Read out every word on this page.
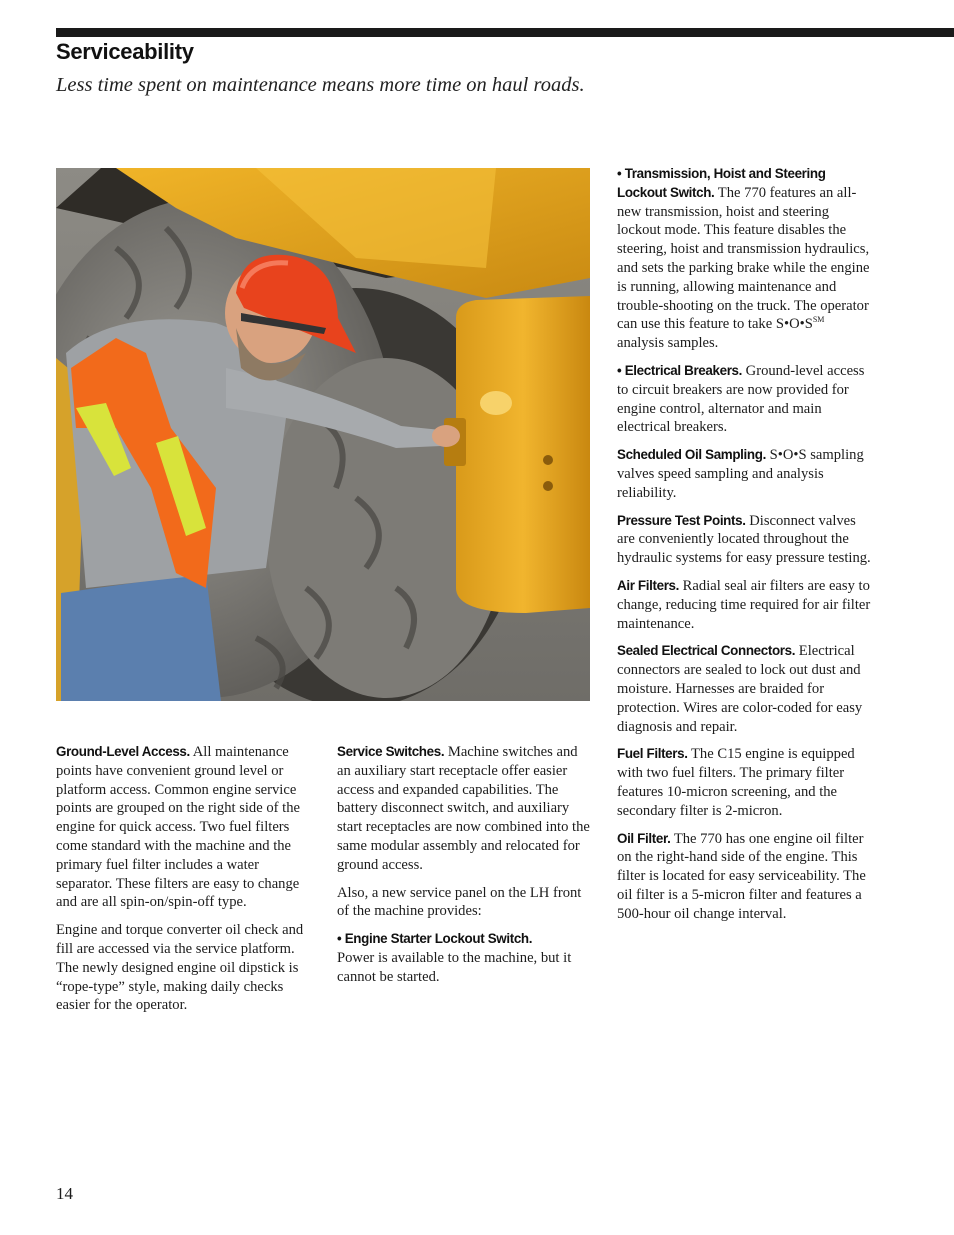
Serviceability

Less time spent on maintenance means more time on haul roads.

Ground-Level Access. All maintenance points have convenient ground level or platform access. Common engine service points are grouped on the right side of the engine for quick access. Two fuel filters come standard with the machine and the primary fuel filter includes a water separator. These filters are easy to change and are all spin-on/spin-off type.

Engine and torque converter oil check and fill are accessed via the service platform. The newly designed engine oil dipstick is “rope-type” style, making daily checks easier for the operator.

Service Switches. Machine switches and an auxiliary start receptacle offer easier access and expanded capabilities. The battery disconnect switch, and auxiliary start receptacles are now combined into the same modular assembly and relocated for ground access.

Also, a new service panel on the LH front of the machine provides:

• Engine Starter Lockout Switch.
Power is available to the machine, but it cannot be started.

• Transmission, Hoist and Steering Lockout Switch. The 770 features an all-new transmission, hoist and steering lockout mode. This feature disables the steering, hoist and transmission hydraulics, and sets the parking brake while the engine is running, allowing maintenance and trouble-shooting on the truck. The operator can use this feature to take S•O•S℠ analysis samples.

• Electrical Breakers. Ground-level access to circuit breakers are now provided for engine control, alternator and main electrical breakers.

Scheduled Oil Sampling. S•O•S sampling valves speed sampling and analysis reliability.

Pressure Test Points. Disconnect valves are conveniently located throughout the hydraulic systems for easy pressure testing.

Air Filters. Radial seal air filters are easy to change, reducing time required for air filter maintenance.

Sealed Electrical Connectors. Electrical connectors are sealed to lock out dust and moisture. Harnesses are braided for protection. Wires are color-coded for easy diagnosis and repair.

Fuel Filters. The C15 engine is equipped with two fuel filters. The primary filter features 10-micron screening, and the secondary filter is 2-micron.

Oil Filter. The 770 has one engine oil filter on the right-hand side of the engine. This filter is located for easy serviceability. The oil filter is a 5-micron filter and features a 500-hour oil change interval.

14
